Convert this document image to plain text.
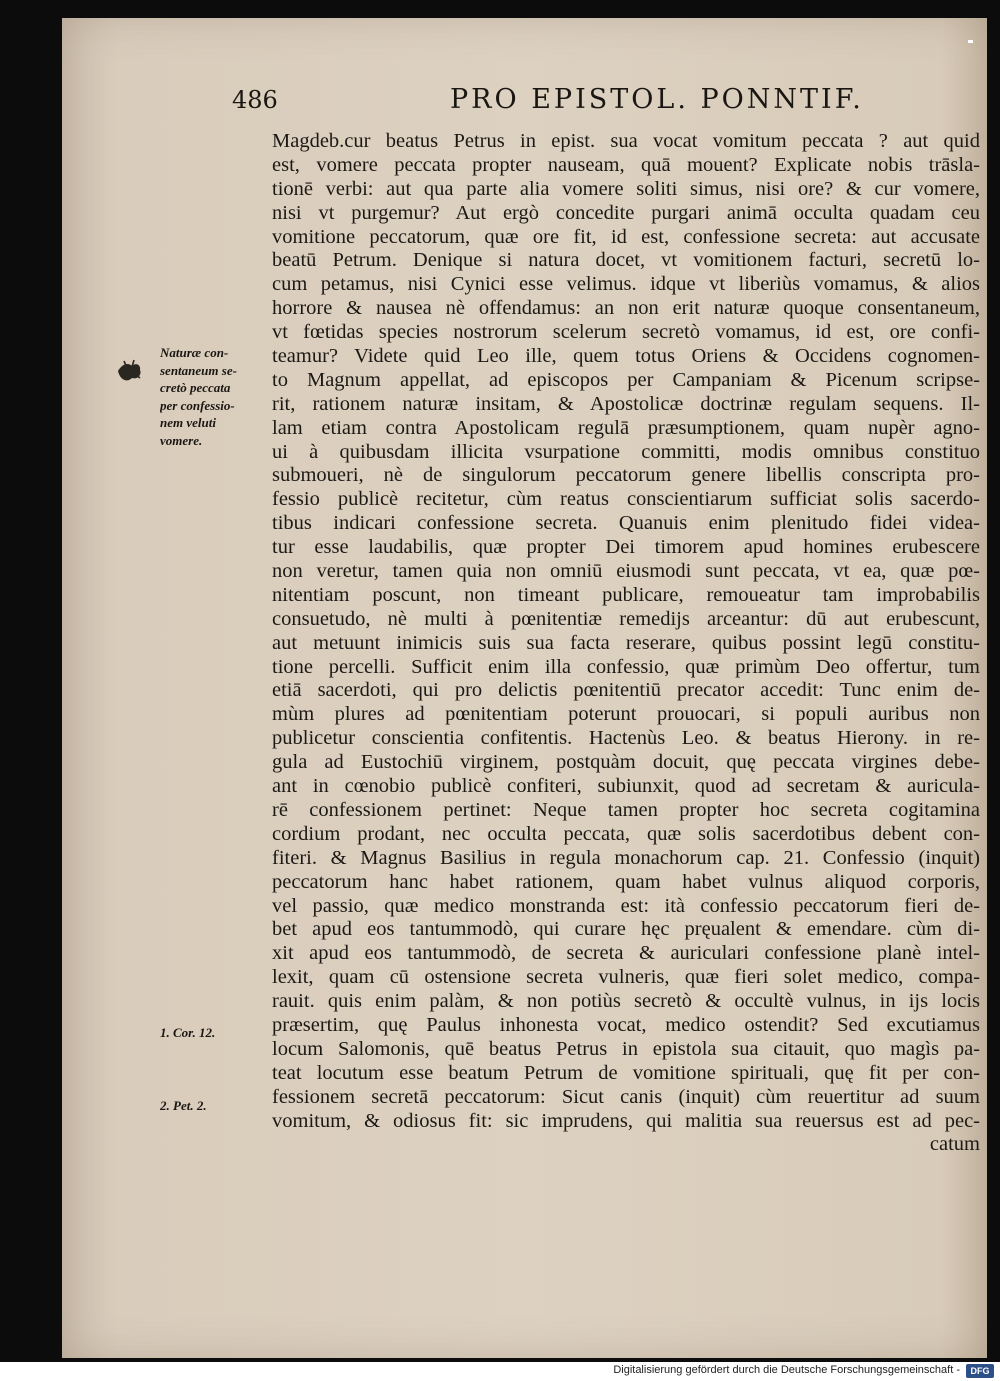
486	PRO EPISTOL. PONNTIF.
Magdeb.cur beatus Petrus in epist. sua vocat vomitum peccata ? aut quid
est, vomere peccata propter nauseam, quā mouent? Explicate nobis trāsla-
tionē verbi: aut qua parte alia vomere soliti simus, nisi ore? & cur vomere,
nisi vt purgemur? Aut ergò concedite purgari animā occulta quadam ceu
vomitione peccatorum, quæ ore fit, id est, confessione secreta: aut accusate
beatū Petrum. Denique si natura docet, vt vomitionem facturi, secretū lo-
cum petamus, nisi Cynici esse velimus. idque vt liberiùs vomamus, & alios
horrore & nausea nè offendamus: an non erit naturæ quoque consentaneum,
vt fœtidas species nostrorum scelerum secretò vomamus, id est, ore confi-
teamur? Videte quid Leo ille, quem totus Oriens & Occidens cognomen-
to Magnum appellat, ad episcopos per Campaniam & Picenum scripse-
rit, rationem naturæ insitam, & Apostolicæ doctrinæ regulam sequens. Il-
lam etiam contra Apostolicam regulā præsumptionem, quam nupèr agno-
ui à quibusdam illicita vsurpatione committi, modis omnibus constituo
submoueri, nè de singulorum peccatorum genere libellis conscripta pro-
fessio publicè recitetur, cùm reatus conscientiarum sufficiat solis sacerdo-
tibus indicari confessione secreta. Quanuis enim plenitudo fidei videa-
tur esse laudabilis, quæ propter Dei timorem apud homines erubescere
non veretur, tamen quia non omniū eiusmodi sunt peccata, vt ea, quæ pœ-
nitentiam poscunt, non timeant publicare, remoueatur tam improbabilis
consuetudo, nè multi à pœnitentiæ remedijs arceantur: dū aut erubescunt,
aut metuunt inimicis suis sua facta reserare, quibus possint legū constitu-
tione percelli. Sufficit enim illa confessio, quæ primùm Deo offertur, tum
etiā sacerdoti, qui pro delictis pœnitentiū precator accedit: Tunc enim de-
mùm plures ad pœnitentiam poterunt prouocari, si populi auribus non
publicetur conscientia confitentis. Hactenùs Leo. & beatus Hierony. in re-
gula ad Eustochiū virginem, postquàm docuit, quę peccata virgines debe-
ant in cœnobio publicè confiteri, subiunxit, quod ad secretam & auricula-
rē confessionem pertinet: Neque tamen propter hoc secreta cogitamina
cordium prodant, nec occulta peccata, quæ solis sacerdotibus debent con-
fiteri. & Magnus Basilius in regula monachorum cap. 21. Confessio (inquit)
peccatorum hanc habet rationem, quam habet vulnus aliquod corporis,
vel passio, quæ medico monstranda est: ità confessio peccatorum fieri de-
bet apud eos tantummodò, qui curare hęc pręualent & emendare. cùm di-
xit apud eos tantummodò, de secreta & auriculari confessione planè intel-
lexit, quam cū ostensione secreta vulneris, quæ fieri solet medico, compa-
rauit. quis enim palàm, & non potiùs secretò & occultè vulnus, in ijs locis
præsertim, quę Paulus inhonesta vocat, medico ostendit? Sed excutiamus
locum Salomonis, quē beatus Petrus in epistola sua citauit, quo magìs pa-
teat locutum esse beatum Petrum de vomitione spirituali, quę fit per con-
fessionem secretā peccatorum: Sicut canis (inquit) cùm reuertitur ad suum
vomitum, & odiosus fit: sic imprudens, qui malitia sua reuersus est ad pec-
catum
Naturæ con-
sentaneum se-
cretò peccata
per confessio-
nem veluti
vomere.
1. Cor. 12.
2. Pet. 2.
Digitalisierung gefördert durch die Deutsche Forschungsgemeinschaft -	DFG
